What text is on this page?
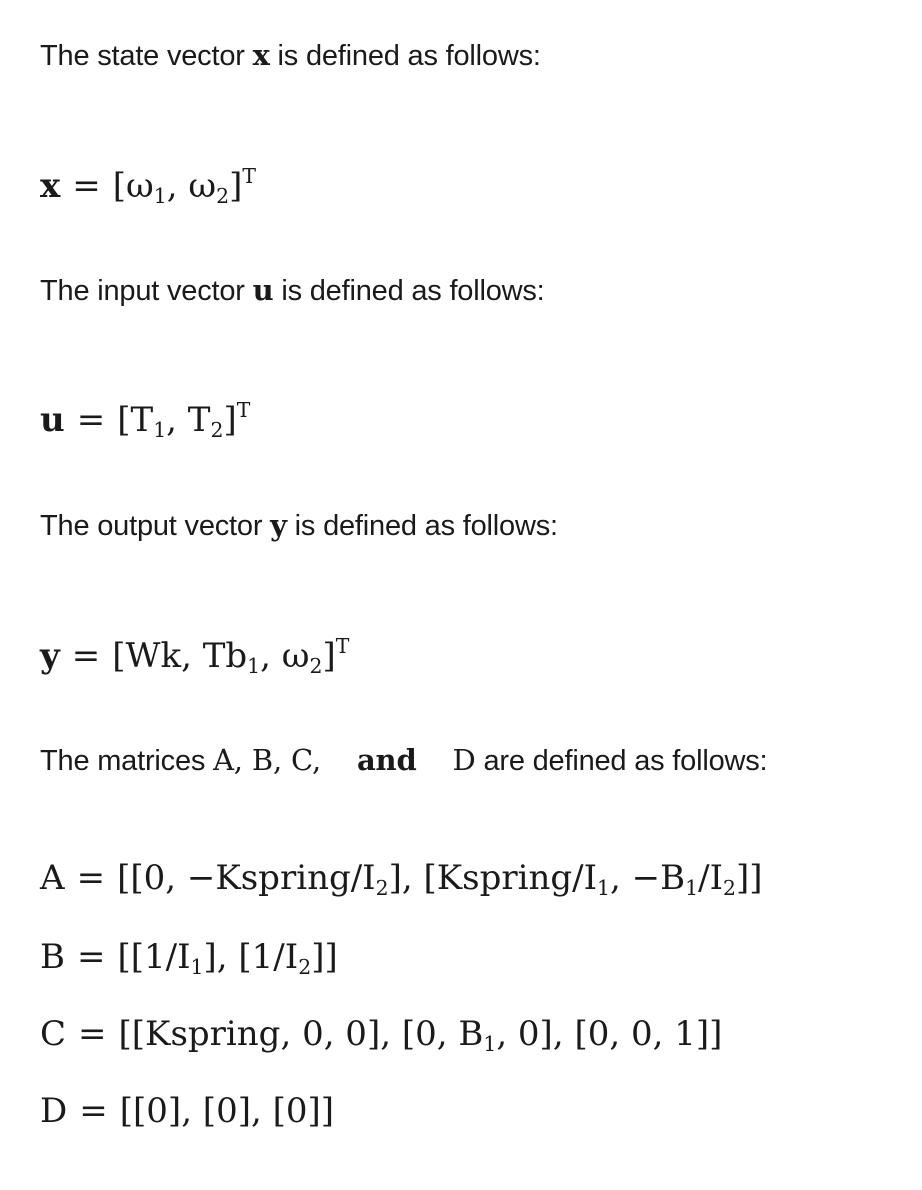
The state vector x is defined as follows:
$x = [\omega_1$, $\omega_2]^T$
The input vector u is defined as follows:
$u = [T_1$, $T_2]^T$
The output vector y is defined as follows:
y = [Wk, $Tb_1$, $\omega_2]^T$
The matrices A, B, C, and D are defined as follows:
A = [[0, $-Kspring/I_2$], [$Kspring/I_1$, $-B_1/I_2$]]
$B = [[1/I_1]$, $[1/I_2]$]
C = [[Kspring, 0, 0], [0, $B_1$, 0], [0, 0, 1]]
D = [[0], [0], [0]]
